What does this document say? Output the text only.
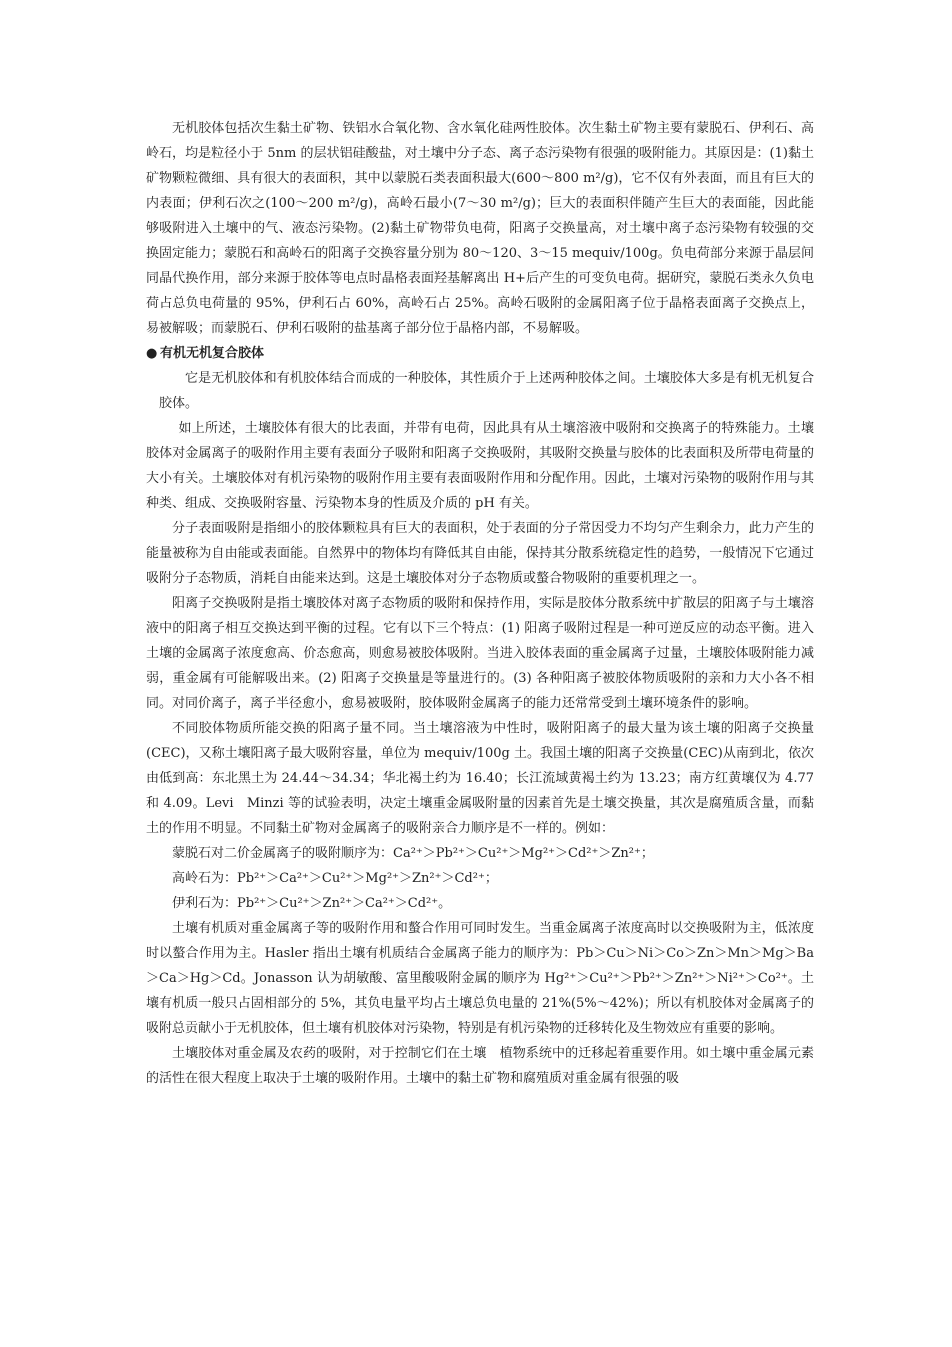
无机胶体包括次生黏土矿物、铁铝水合氧化物、含水氧化硅两性胶体。次生黏土矿物主要有蒙脱石、伊利石、高岭石，均是粒径小于 5nm 的层状铝硅酸盐，对土壤中分子态、离子态污染物有很强的吸附能力。其原因是：(1)黏土矿物颗粒微细、具有很大的表面积，其中以蒙脱石类表面积最大(600～800 m²/g)，它不仅有外表面，而且有巨大的内表面；伊利石次之(100～200 m²/g)，高岭石最小(7～30 m²/g)；巨大的表面积伴随产生巨大的表面能，因此能够吸附进入土壤中的气、液态污染物。(2)黏土矿物带负电荷，阳离子交换量高，对土壤中离子态污染物有较强的交换固定能力；蒙脱石和高岭石的阳离子交换容量分别为 80～120、3～15 mequiv/100g。负电荷部分来源于晶层间同晶代换作用，部分来源于胶体等电点时晶格表面羟基解离出 H+后产生的可变负电荷。据研究，蒙脱石类永久负电荷占总负电荷量的 95%，伊利石占 60%，高岭石占 25%。高岭石吸附的金属阳离子位于晶格表面离子交换点上，易被解吸；而蒙脱石、伊利石吸附的盐基离子部分位于晶格内部，不易解吸。

● 有机无机复合胶体

它是无机胶体和有机胶体结合而成的一种胶体，其性质介于上述两种胶体之间。土壤胶体大多是有机无机复合胶体。

如上所述，土壤胶体有很大的比表面，并带有电荷，因此具有从土壤溶液中吸附和交换离子的特殊能力。土壤胶体对金属离子的吸附作用主要有表面分子吸附和阳离子交换吸附，其吸附交换量与胶体的比表面积及所带电荷量的大小有关。土壤胶体对有机污染物的吸附作用主要有表面吸附作用和分配作用。因此，土壤对污染物的吸附作用与其种类、组成、交换吸附容量、污染物本身的性质及介质的 pH 有关。

分子表面吸附是指细小的胶体颗粒具有巨大的表面积，处于表面的分子常因受力不均匀产生剩余力，此力产生的能量被称为自由能或表面能。自然界中的物体均有降低其自由能，保持其分散系统稳定性的趋势，一般情况下它通过吸附分子态物质，消耗自由能来达到。这是土壤胶体对分子态物质或螯合物吸附的重要机理之一。

阳离子交换吸附是指土壤胶体对离子态物质的吸附和保持作用，实际是胶体分散系统中扩散层的阳离子与土壤溶液中的阳离子相互交换达到平衡的过程。它有以下三个特点：(1) 阳离子吸附过程是一种可逆反应的动态平衡。进入土壤的金属离子浓度愈高、价态愈高，则愈易被胶体吸附。当进入胶体表面的重金属离子过量，土壤胶体吸附能力减弱，重金属有可能解吸出来。(2) 阳离子交换量是等量进行的。(3) 各种阳离子被胶体物质吸附的亲和力大小各不相同。对同价离子，离子半径愈小，愈易被吸附，胶体吸附金属离子的能力还常常受到土壤环境条件的影响。

不同胶体物质所能交换的阳离子量不同。当土壤溶液为中性时，吸附阳离子的最大量为该土壤的阳离子交换量(CEC)，又称土壤阳离子最大吸附容量，单位为 mequiv/100g 土。我国土壤的阳离子交换量(CEC)从南到北，依次由低到高：东北黑土为 24.44～34.34；华北褐土约为 16.40；长江流域黄褐土约为 13.23；南方红黄壤仅为 4.77 和 4.09。Levi　Minzi 等的试验表明，决定土壤重金属吸附量的因素首先是土壤交换量，其次是腐殖质含量，而黏土的作用不明显。不同黏土矿物对金属离子的吸附亲合力顺序是不一样的。例如：

蒙脱石对二价金属离子的吸附顺序为：Ca²⁺＞Pb²⁺＞Cu²⁺＞Mg²⁺＞Cd²⁺＞Zn²⁺；

高岭石为：Pb²⁺＞Ca²⁺＞Cu²⁺＞Mg²⁺＞Zn²⁺＞Cd²⁺；

伊利石为：Pb²⁺＞Cu²⁺＞Zn²⁺＞Ca²⁺＞Cd²⁺。

土壤有机质对重金属离子等的吸附作用和螯合作用可同时发生。当重金属离子浓度高时以交换吸附为主，低浓度时以螯合作用为主。Hasler 指出土壤有机质结合金属离子能力的顺序为：Pb＞Cu＞Ni＞Co＞Zn＞Mn＞Mg＞Ba＞Ca＞Hg＞Cd。Jonasson 认为胡敏酸、富里酸吸附金属的顺序为 Hg²⁺＞Cu²⁺＞Pb²⁺＞Zn²⁺＞Ni²⁺＞Co²⁺。土壤有机质一般只占固相部分的 5%，其负电量平均占土壤总负电量的 21%(5%～42%)；所以有机胶体对金属离子的吸附总贡献小于无机胶体，但土壤有机胶体对污染物，特别是有机污染物的迁移转化及生物效应有重要的影响。

土壤胶体对重金属及农药的吸附，对于控制它们在土壤　植物系统中的迁移起着重要作用。如土壤中重金属元素的活性在很大程度上取决于土壤的吸附作用。土壤中的黏土矿物和腐殖质对重金属有很强的吸
